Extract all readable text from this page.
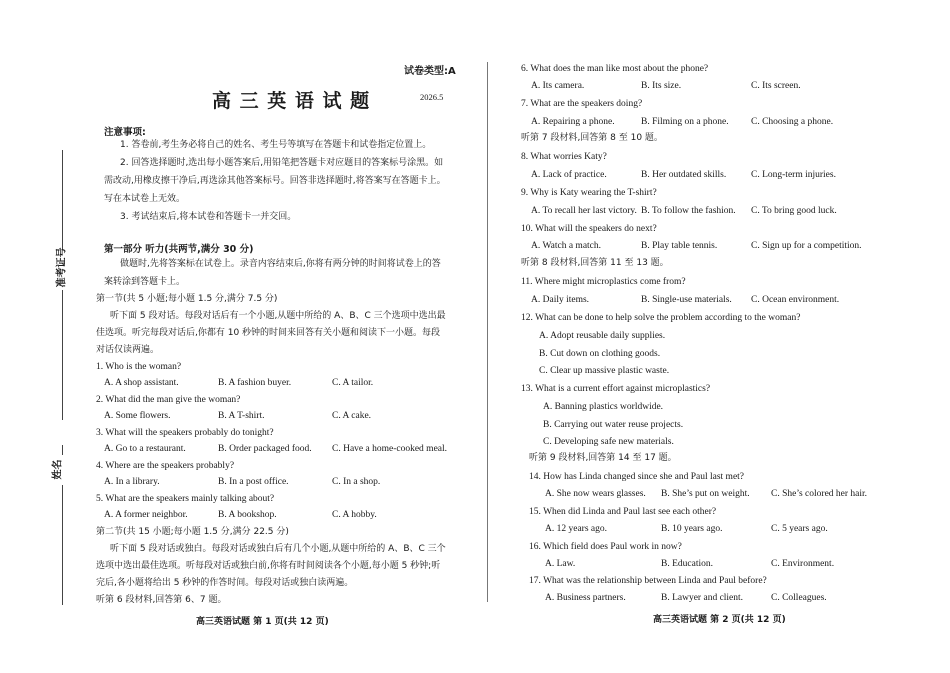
试卷类型:A
高 三 英 语 试 题	2026.5
注意事项:
1. 答卷前,考生务必将自己的姓名、考生号等填写在答题卡和试卷指定位置上。
2. 回答选择题时,选出每小题答案后,用铅笔把答题卡对应题目的答案标号涂黑。如
需改动,用橡皮擦干净后,再选涂其他答案标号。回答非选择题时,将答案写在答题卡上。
写在本试卷上无效。
3. 考试结束后,将本试卷和答题卡一并交回。
准考证号
姓名
第一部分 听力(共两节,满分 30 分)
做题时,先将答案标在试卷上。录音内容结束后,你将有两分钟的时间将试卷上的答
案转涂到答题卡上。
第一节(共 5 小题;每小题 1.5 分,满分 7.5 分)
听下面 5 段对话。每段对话后有一个小题,从题中所给的 A、B、C 三个选项中选出最
佳选项。听完每段对话后,你都有 10 秒钟的时间来回答有关小题和阅读下一小题。每段
对话仅读两遍。
1. Who is the woman?
A. A shop assistant.	B. A fashion buyer.	C. A tailor.
2. What did the man give the woman?
A. Some flowers.	B. A T-shirt.	C. A cake.
3. What will the speakers probably do tonight?
A. Go to a restaurant.	B. Order packaged food. C. Have a home-cooked meal.
4. Where are the speakers probably?
A. In a library.	B. In a post office.	C. In a shop.
5. What are the speakers mainly talking about?
A. A former neighbor.	B. A bookshop.	C. A hobby.
第二节(共 15 小题;每小题 1.5 分,满分 22.5 分)
听下面 5 段对话或独白。每段对话或独白后有几个小题,从题中所给的 A、B、C 三个
选项中选出最佳选项。听每段对话或独白前,你将有时间阅读各个小题,每小题 5 秒钟;听
完后,各小题将给出 5 秒钟的作答时间。每段对话或独白读两遍。
听第 6 段材料,回答第 6、7 题。
高三英语试题 第 1 页(共 12 页)
6. What does the man like most about the phone?
A. Its camera.	B. Its size.	C. Its screen.
7. What are the speakers doing?
A. Repairing a phone.	B. Filming on a phone. C. Choosing a phone.
听第 7 段材料,回答第 8 至 10 题。
8. What worries Katy?
A. Lack of practice.	B. Her outdated skills.	C. Long-term injuries.
9. Why is Katy wearing the T-shirt?
A. To recall her last victory. B. To follow the fashion. C. To bring good luck.
10. What will the speakers do next?
A. Watch a match.	B. Play table tennis.	C. Sign up for a competition.
听第 8 段材料,回答第 11 至 13 题。
11. Where might microplastics come from?
A. Daily items.	B. Single-use materials. C. Ocean environment.
12. What can be done to help solve the problem according to the woman?
A. Adopt reusable daily supplies.
B. Cut down on clothing goods.
C. Clear up massive plastic waste.
13. What is a current effort against microplastics?
A. Banning plastics worldwide.
B. Carrying out water reuse projects.
C. Developing safe new materials.
听第 9 段材料,回答第 14 至 17 题。
14. How has Linda changed since she and Paul last met?
A. She now wears glasses. B. She’s put on weight. C. She’s colored her hair.
15. When did Linda and Paul last see each other?
A. 12 years ago.	B. 10 years ago.	C. 5 years ago.
16. Which field does Paul work in now?
A. Law.	B. Education.	C. Environment.
17. What was the relationship between Linda and Paul before?
A. Business partners.	B. Lawyer and client.	C. Colleagues.
高三英语试题 第 2 页(共 12 页)
